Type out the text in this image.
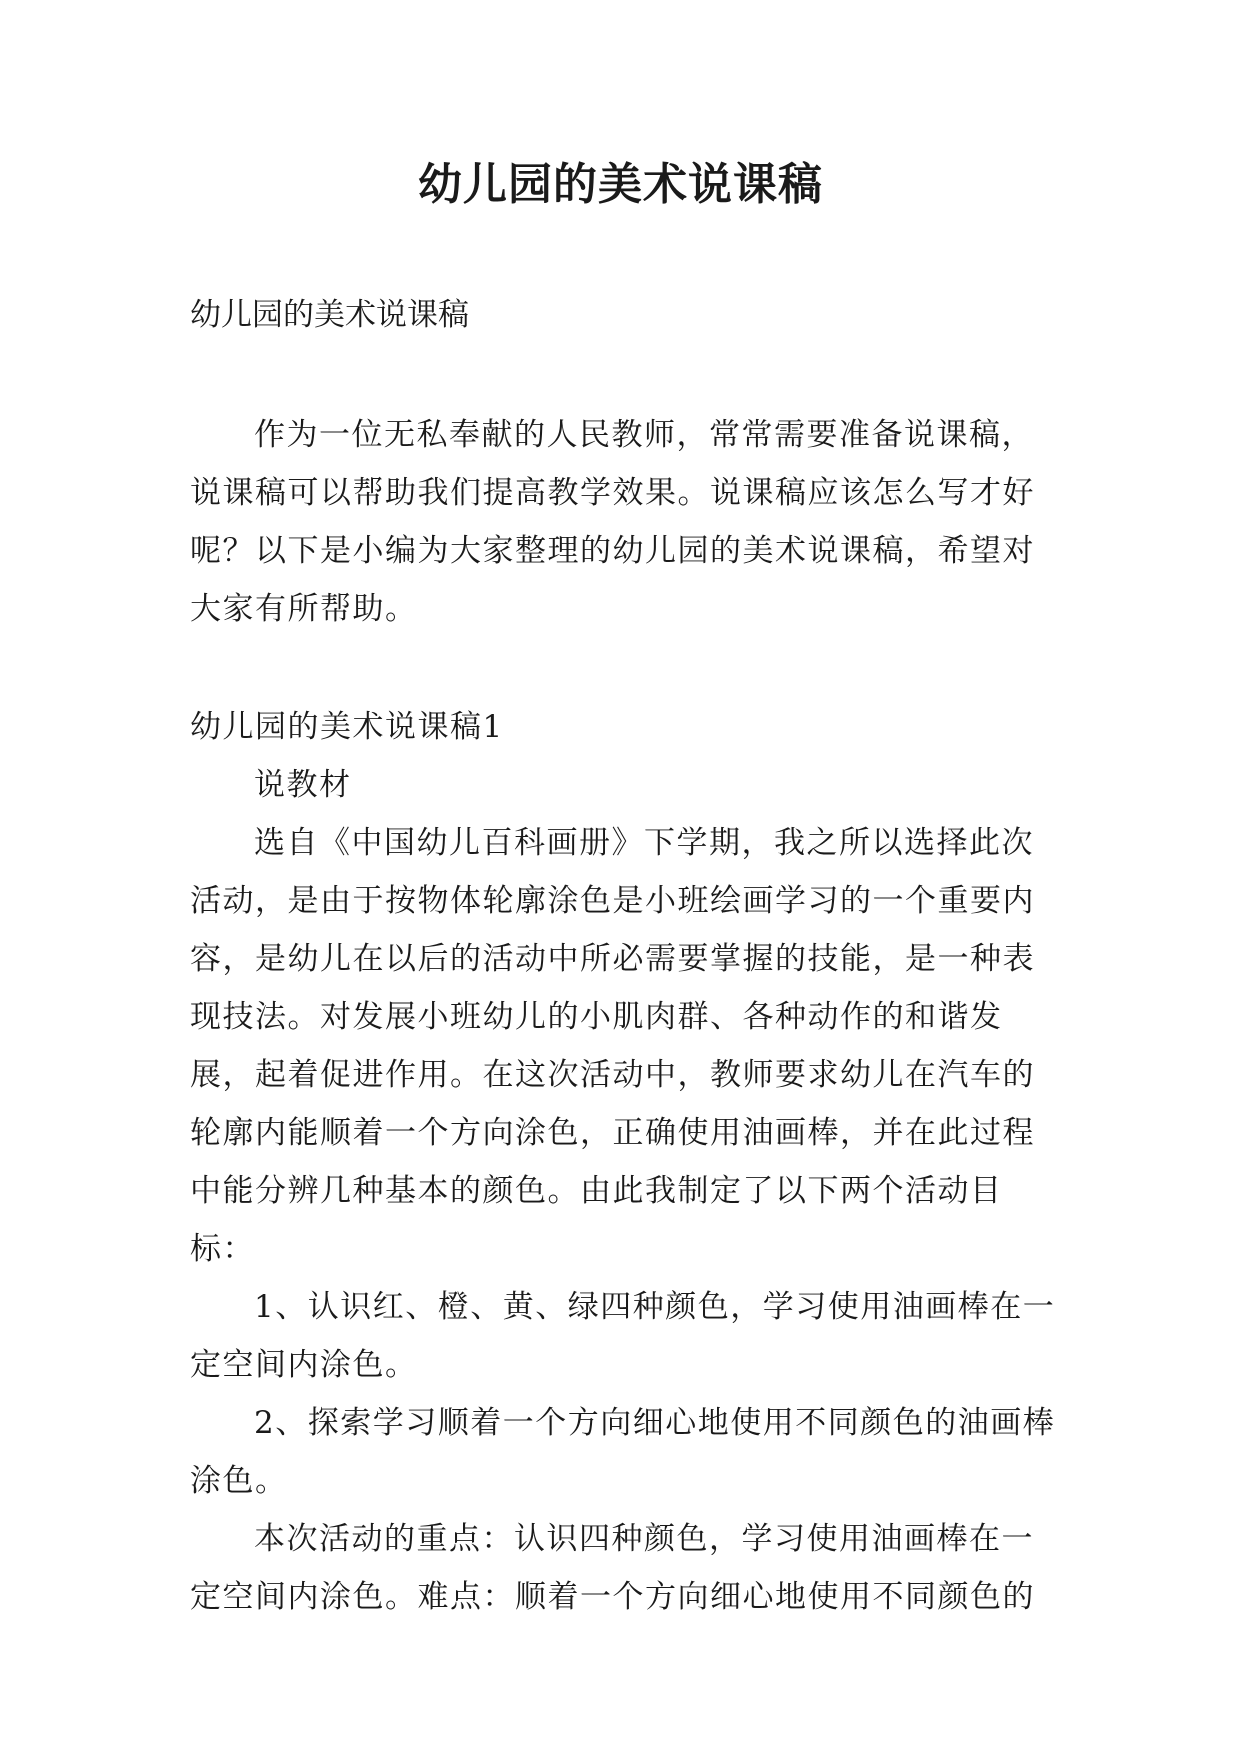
幼儿园的美术说课稿
幼儿园的美术说课稿

作为一位无私奉献的人民教师，常常需要准备说课稿，说课稿可以帮助我们提高教学效果。说课稿应该怎么写才好呢？以下是小编为大家整理的幼儿园的美术说课稿，希望对大家有所帮助。

幼儿园的美术说课稿1

说教材

选自《中国幼儿百科画册》下学期，我之所以选择此次活动，是由于按物体轮廓涂色是小班绘画学习的一个重要内容，是幼儿在以后的活动中所必需要掌握的技能，是一种表现技法。对发展小班幼儿的小肌肉群、各种动作的和谐发展，起着促进作用。在这次活动中，教师要求幼儿在汽车的轮廓内能顺着一个方向涂色，正确使用油画棒，并在此过程中能分辨几种基本的颜色。由此我制定了以下两个活动目标：

1、认识红、橙、黄、绿四种颜色，学习使用油画棒在一定空间内涂色。

2、探索学习顺着一个方向细心地使用不同颜色的油画棒涂色。

本次活动的重点：认识四种颜色，学习使用油画棒在一定空间内涂色。难点：顺着一个方向细心地使用不同颜色的
